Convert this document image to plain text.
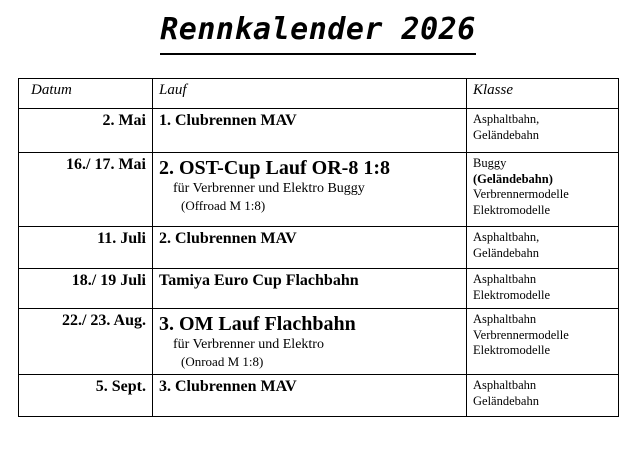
Rennkalender 2026
Datum	Lauf	Klasse
2. Mai	1. Clubrennen MAV	Asphaltbahn,
Geländebahn

16./ 17. Mai	2. OST-Cup Lauf OR-8 1:8
für Verbrenner und Elektro Buggy
(Offroad M 1:8)	Buggy
(Geländebahn)
Verbrennermodelle
Elektromodelle

11. Juli	2. Clubrennen MAV	Asphaltbahn,
Geländebahn

18./ 19 Juli	Tamiya Euro Cup Flachbahn	Asphaltbahn
Elektromodelle

22./ 23. Aug.	3. OM Lauf Flachbahn
für Verbrenner und Elektro
(Onroad M 1:8)	Asphaltbahn
Verbrennermodelle
Elektromodelle

5. Sept.	3. Clubrennen MAV	Asphaltbahn
Geländebahn
